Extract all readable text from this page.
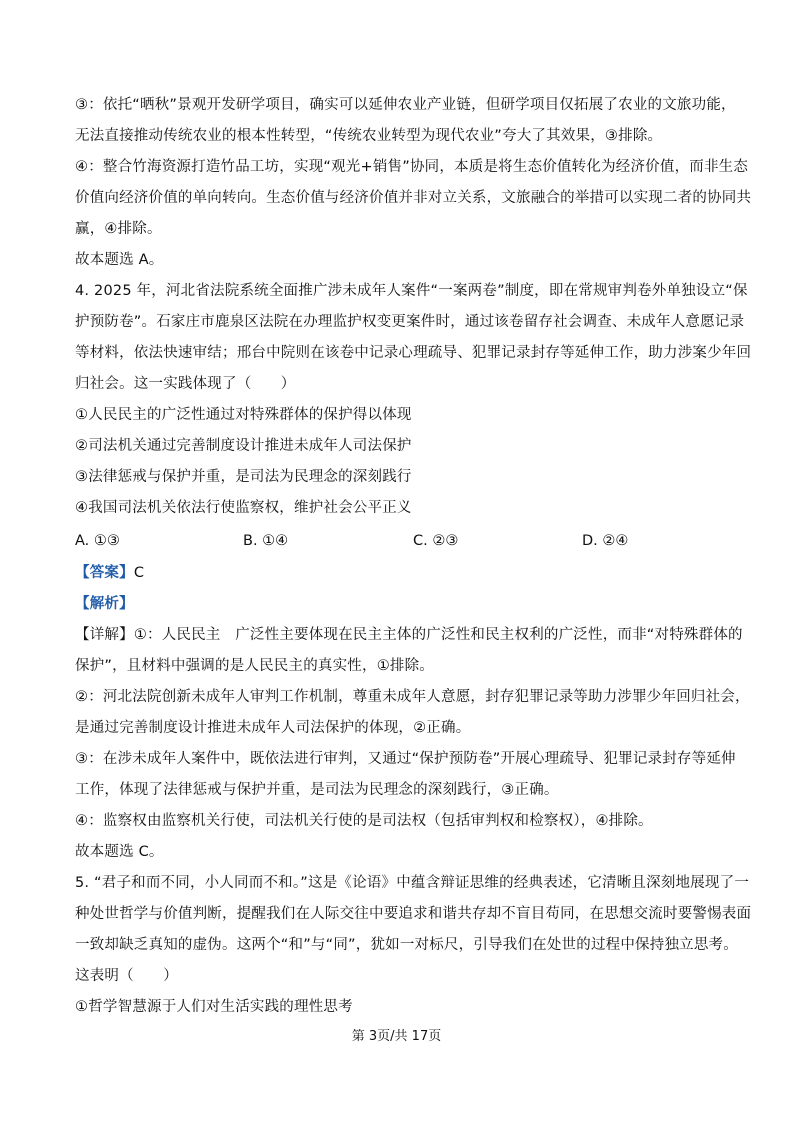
③：依托“晒秋”景观开发研学项目，确实可以延伸农业产业链，但研学项目仅拓展了农业的文旅功能，
无法直接推动传统农业的根本性转型，“传统农业转型为现代农业”夸大了其效果，③排除。
④：整合竹海资源打造竹品工坊，实现“观光+销售”协同，本质是将生态价值转化为经济价值，而非生态
价值向经济价值的单向转向。生态价值与经济价值并非对立关系，文旅融合的举措可以实现二者的协同共
赢，④排除。
故本题选 A。
4. 2025 年，河北省法院系统全面推广涉未成年人案件“一案两卷”制度，即在常规审判卷外单独设立“保
护预防卷”。石家庄市鹿泉区法院在办理监护权变更案件时，通过该卷留存社会调查、未成年人意愿记录
等材料，依法快速审结；邢台中院则在该卷中记录心理疏导、犯罪记录封存等延伸工作，助力涉案少年回
归社会。这一实践体现了（　　）
①人民民主的广泛性通过对特殊群体的保护得以体现
②司法机关通过完善制度设计推进未成年人司法保护
③法律惩戒与保护并重，是司法为民理念的深刻践行
④我国司法机关依法行使监察权，维护社会公平正义
A. ①③	B. ①④	C. ②③	D. ②④
【答案】C
【解析】
【详解】①：人民民主　广泛性主要体现在民主主体的广泛性和民主权利的广泛性，而非“对特殊群体的
保护”，且材料中强调的是人民民主的真实性，①排除。
②：河北法院创新未成年人审判工作机制，尊重未成年人意愿，封存犯罪记录等助力涉罪少年回归社会，
是通过完善制度设计推进未成年人司法保护的体现，②正确。
③：在涉未成年人案件中，既依法进行审判，又通过“保护预防卷”开展心理疏导、犯罪记录封存等延伸
工作，体现了法律惩戒与保护并重，是司法为民理念的深刻践行，③正确。
④：监察权由监察机关行使，司法机关行使的是司法权（包括审判权和检察权），④排除。
故本题选 C。
5. “君子和而不同，小人同而不和。”这是《论语》中蕴含辩证思维的经典表述，它清晰且深刻地展现了一
种处世哲学与价值判断，提醒我们在人际交往中要追求和谐共存却不盲目苟同，在思想交流时要警惕表面
一致却缺乏真知的虚伪。这两个“和”与“同”，犹如一对标尺，引导我们在处世的过程中保持独立思考。
这表明（　　）
①哲学智慧源于人们对生活实践的理性思考
第 3页/共 17页
